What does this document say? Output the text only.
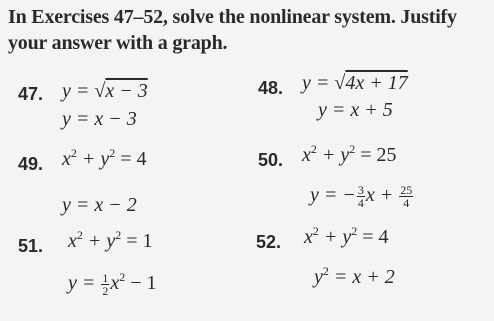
In Exercises 47–52, solve the nonlinear system. Justify
your answer with a graph.
47. y = √x − 3
y = x − 3
48. y = √4x + 17
y = x + 5
49. $x^2 + y^2 = 4$
y = x − 2
50. $x^2 + y^2 = 25$
y = − $\frac{3}{4}$ $x + \frac{25}{4}$
51. $x^2 + y^2 = 1$
$y = \frac{1}{2} x^2 - 1$
52. $x^2 + y^2 = 4$
$y^2 = x + 2$
